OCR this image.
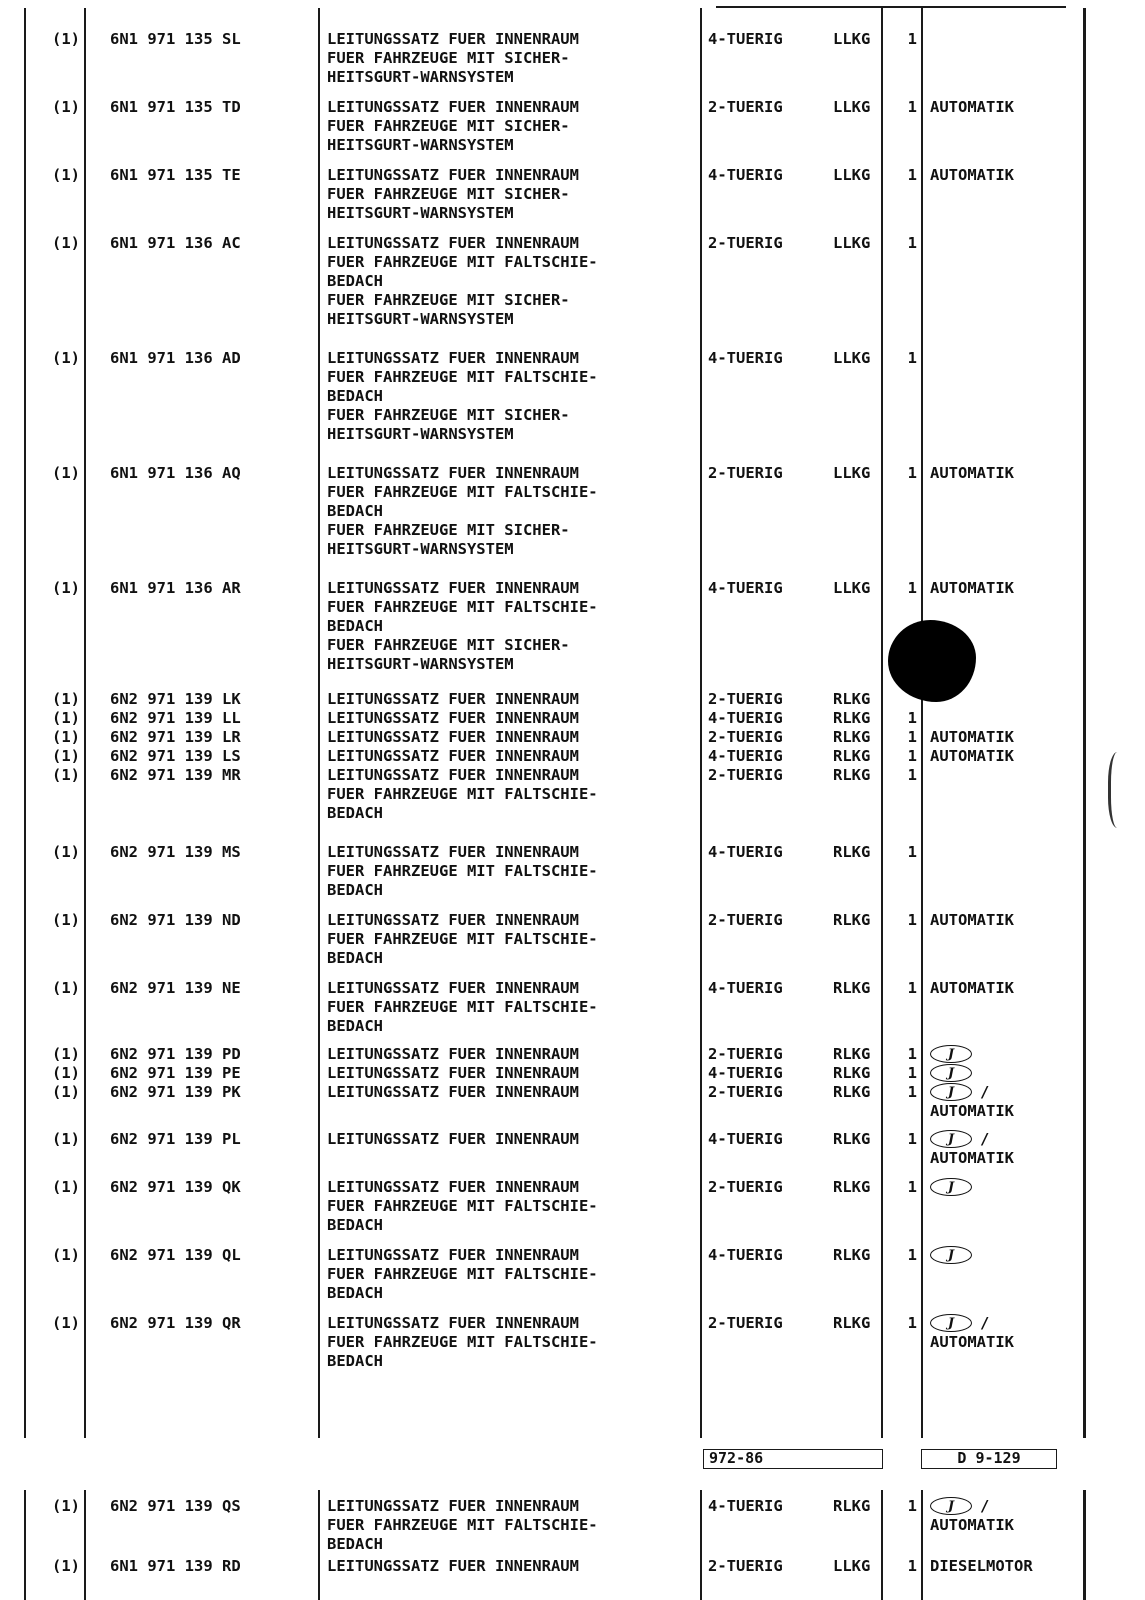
(1) 6N1 971 135 SL	LEITUNGSSATZ FUER INNENRAUM
FUER FAHRZEUGE MIT SICHER-
HEITSGURT-WARNSYSTEM
4-TUERIG	LLKG	1
(1) 6N1 971 135 TD	LEITUNGSSATZ FUER INNENRAUM
FUER FAHRZEUGE MIT SICHER-
HEITSGURT-WARNSYSTEM
2-TUERIG	LLKG	1 AUTOMATIK
(1) 6N1 971 135 TE	LEITUNGSSATZ FUER INNENRAUM
FUER FAHRZEUGE MIT SICHER-
HEITSGURT-WARNSYSTEM
4-TUERIG	LLKG	1 AUTOMATIK
(1) 6N1 971 136 AC	LEITUNGSSATZ FUER INNENRAUM
FUER FAHRZEUGE MIT FALTSCHIE-
BEDACH
FUER FAHRZEUGE MIT SICHER-
HEITSGURT-WARNSYSTEM
2-TUERIG	LLKG	1
(1) 6N1 971 136 AD	LEITUNGSSATZ FUER INNENRAUM
FUER FAHRZEUGE MIT FALTSCHIE-
BEDACH
FUER FAHRZEUGE MIT SICHER-
HEITSGURT-WARNSYSTEM
4-TUERIG	LLKG	1
(1) 6N1 971 136 AQ	LEITUNGSSATZ FUER INNENRAUM
FUER FAHRZEUGE MIT FALTSCHIE-
BEDACH
FUER FAHRZEUGE MIT SICHER-
HEITSGURT-WARNSYSTEM
2-TUERIG	LLKG	1 AUTOMATIK
(1) 6N1 971 136 AR	LEITUNGSSATZ FUER INNENRAUM
FUER FAHRZEUGE MIT FALTSCHIE-
BEDACH
FUER FAHRZEUGE MIT SICHER-
HEITSGURT-WARNSYSTEM
4-TUERIG	LLKG	1 AUTOMATIK
(1) 6N2 971 139 LK	LEITUNGSSATZ FUER INNENRAUM	2-TUERIG	RLKG
(1) 6N2 971 139 LL	LEITUNGSSATZ FUER INNENRAUM	4-TUERIG	RLKG	1
(1) 6N2 971 139 LR	LEITUNGSSATZ FUER INNENRAUM	2-TUERIG	RLKG	1 AUTOMATIK
(1) 6N2 971 139 LS	LEITUNGSSATZ FUER INNENRAUM	4-TUERIG	RLKG	1 AUTOMATIK
(1) 6N2 971 139 MR	LEITUNGSSATZ FUER INNENRAUM
FUER FAHRZEUGE MIT FALTSCHIE-
BEDACH
2-TUERIG	RLKG	1
(1) 6N2 971 139 MS	LEITUNGSSATZ FUER INNENRAUM
FUER FAHRZEUGE MIT FALTSCHIE-
BEDACH
4-TUERIG	RLKG	1
(1) 6N2 971 139 ND	LEITUNGSSATZ FUER INNENRAUM
FUER FAHRZEUGE MIT FALTSCHIE-
BEDACH
2-TUERIG	RLKG	1 AUTOMATIK
(1) 6N2 971 139 NE	LEITUNGSSATZ FUER INNENRAUM
FUER FAHRZEUGE MIT FALTSCHIE-
BEDACH
4-TUERIG	RLKG	1 AUTOMATIK
(1) 6N2 971 139 PD	LEITUNGSSATZ FUER INNENRAUM	2-TUERIG	RLKG	1	J
(1) 6N2 971 139 PE	LEITUNGSSATZ FUER INNENRAUM	4-TUERIG	RLKG	1	J
(1) 6N2 971 139 PK	LEITUNGSSATZ FUER INNENRAUM	2-TUERIG	RLKG	1	J /
AUTOMATIK
(1) 6N2 971 139 PL	LEITUNGSSATZ FUER INNENRAUM	4-TUERIG	RLKG	1	J /
AUTOMATIK
(1) 6N2 971 139 QK	LEITUNGSSATZ FUER INNENRAUM
FUER FAHRZEUGE MIT FALTSCHIE-
BEDACH
2-TUERIG	RLKG	1	J
(1) 6N2 971 139 QL	LEITUNGSSATZ FUER INNENRAUM
FUER FAHRZEUGE MIT FALTSCHIE-
BEDACH
4-TUERIG	RLKG	1	J
(1) 6N2 971 139 QR	LEITUNGSSATZ FUER INNENRAUM
FUER FAHRZEUGE MIT FALTSCHIE-
BEDACH
2-TUERIG	RLKG	1	J /
AUTOMATIK
(1) 6N2 971 139 QS	LEITUNGSSATZ FUER INNENRAUM
FUER FAHRZEUGE MIT FALTSCHIE-
BEDACH
4-TUERIG	RLKG	1	J /
AUTOMATIK
(1) 6N1 971 139 RD	LEITUNGSSATZ FUER INNENRAUM	2-TUERIG	LLKG	1 DIESELMOTOR
972-86	D 9-129
